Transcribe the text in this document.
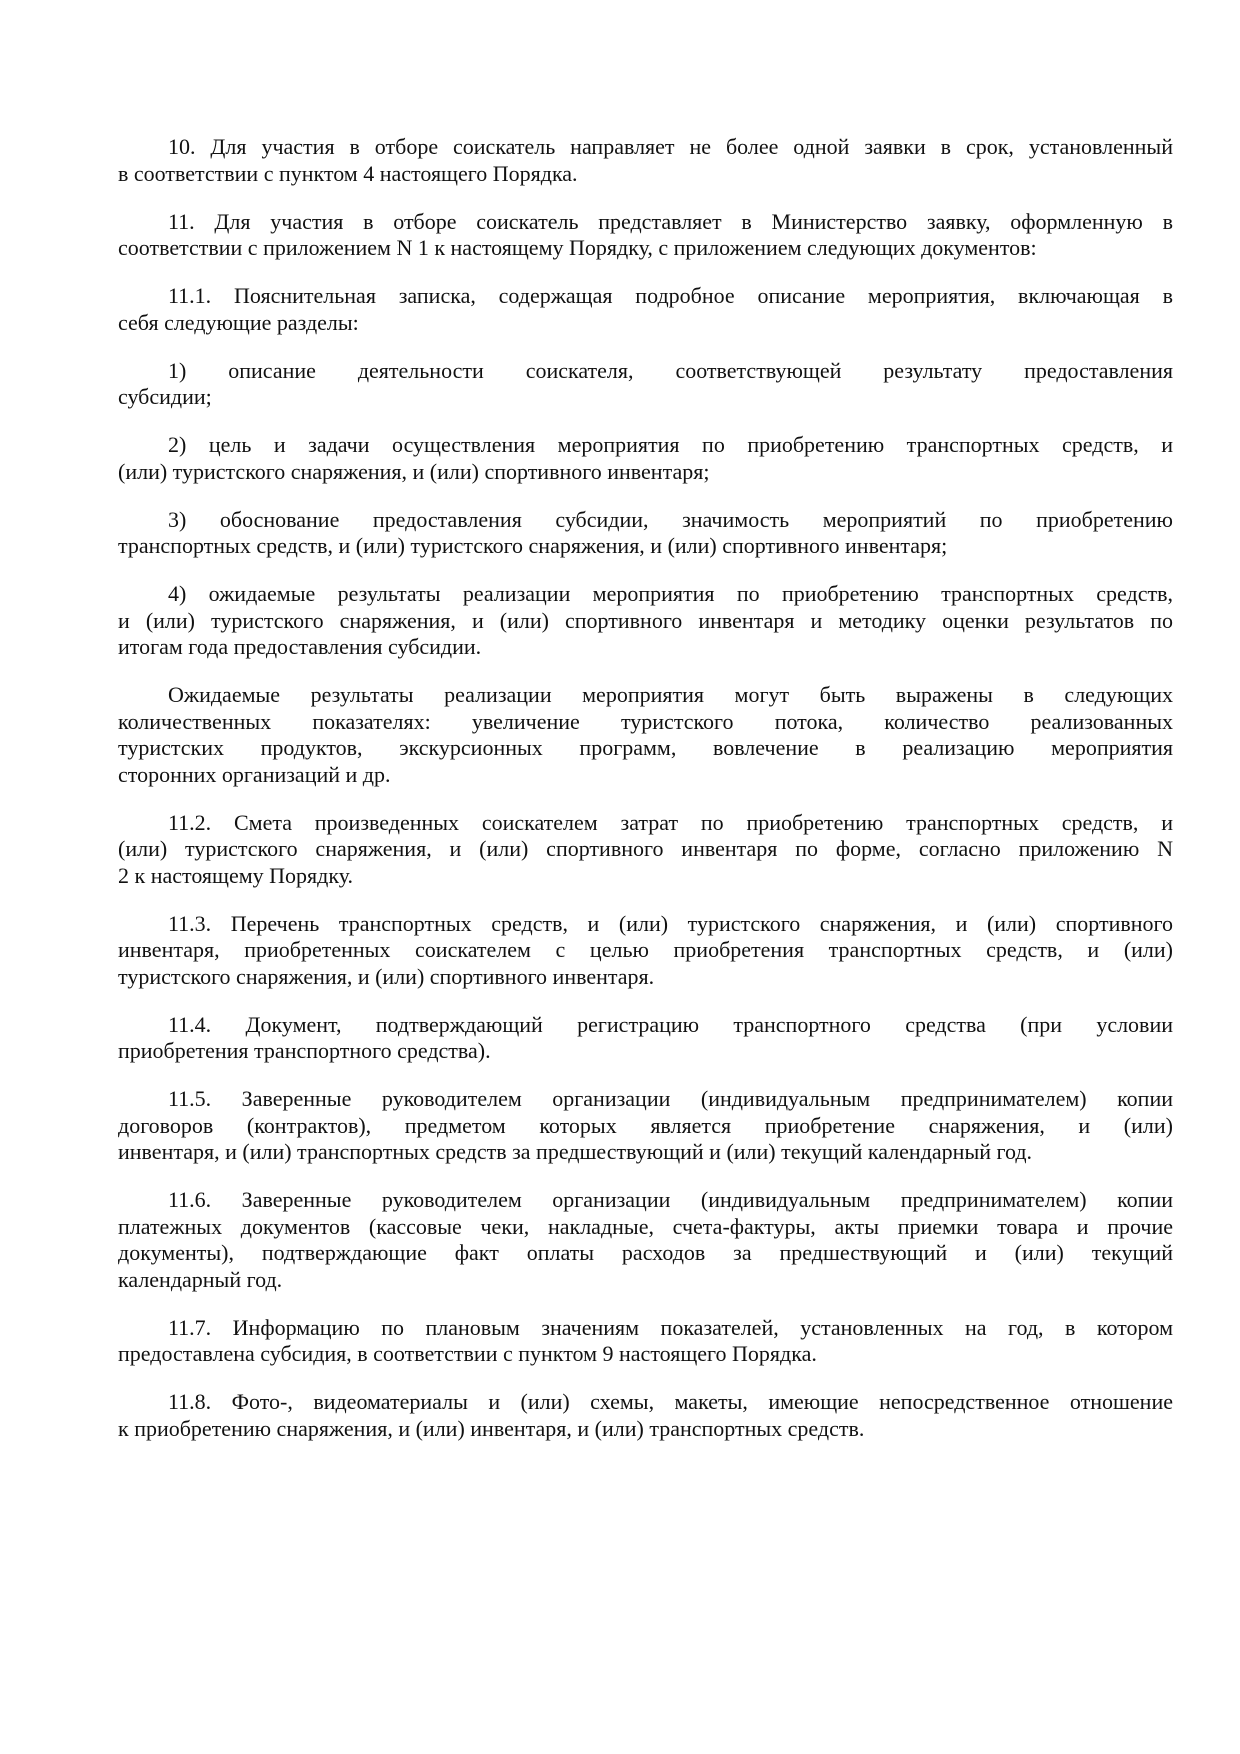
10. Для участия в отборе соискатель направляет не более одной заявки в срок, установленный
в соответствии с пунктом 4 настоящего Порядка.
11. Для участия в отборе соискатель представляет в Министерство заявку, оформленную в
соответствии с приложением N 1 к настоящему Порядку, с приложением следующих документов:
11.1. Пояснительная записка, содержащая подробное описание мероприятия, включающая в
себя следующие разделы:
1) описание деятельности соискателя, соответствующей результату предоставления
субсидии;
2) цель и задачи осуществления мероприятия по приобретению транспортных средств, и
(или) туристского снаряжения, и (или) спортивного инвентаря;
3) обоснование предоставления субсидии, значимость мероприятий по приобретению
транспортных средств, и (или) туристского снаряжения, и (или) спортивного инвентаря;
4) ожидаемые результаты реализации мероприятия по приобретению транспортных средств,
и (или) туристского снаряжения, и (или) спортивного инвентаря и методику оценки результатов по
итогам года предоставления субсидии.
Ожидаемые результаты реализации мероприятия могут быть выражены в следующих
количественных показателях: увеличение туристского потока, количество реализованных
туристских продуктов, экскурсионных программ, вовлечение в реализацию мероприятия
сторонних организаций и др.
11.2. Смета произведенных соискателем затрат по приобретению транспортных средств, и
(или) туристского снаряжения, и (или) спортивного инвентаря по форме, согласно приложению N
2 к настоящему Порядку.
11.3. Перечень транспортных средств, и (или) туристского снаряжения, и (или) спортивного
инвентаря, приобретенных соискателем с целью приобретения транспортных средств, и (или)
туристского снаряжения, и (или) спортивного инвентаря.
11.4. Документ, подтверждающий регистрацию транспортного средства (при условии
приобретения транспортного средства).
11.5. Заверенные руководителем организации (индивидуальным предпринимателем) копии
договоров (контрактов), предметом которых является приобретение снаряжения, и (или)
инвентаря, и (или) транспортных средств за предшествующий и (или) текущий календарный год.
11.6. Заверенные руководителем организации (индивидуальным предпринимателем) копии
платежных документов (кассовые чеки, накладные, счета-фактуры, акты приемки товара и прочие
документы), подтверждающие факт оплаты расходов за предшествующий и (или) текущий
календарный год.
11.7. Информацию по плановым значениям показателей, установленных на год, в котором
предоставлена субсидия, в соответствии с пунктом 9 настоящего Порядка.
11.8. Фото-, видеоматериалы и (или) схемы, макеты, имеющие непосредственное отношение
к приобретению снаряжения, и (или) инвентаря, и (или) транспортных средств.
